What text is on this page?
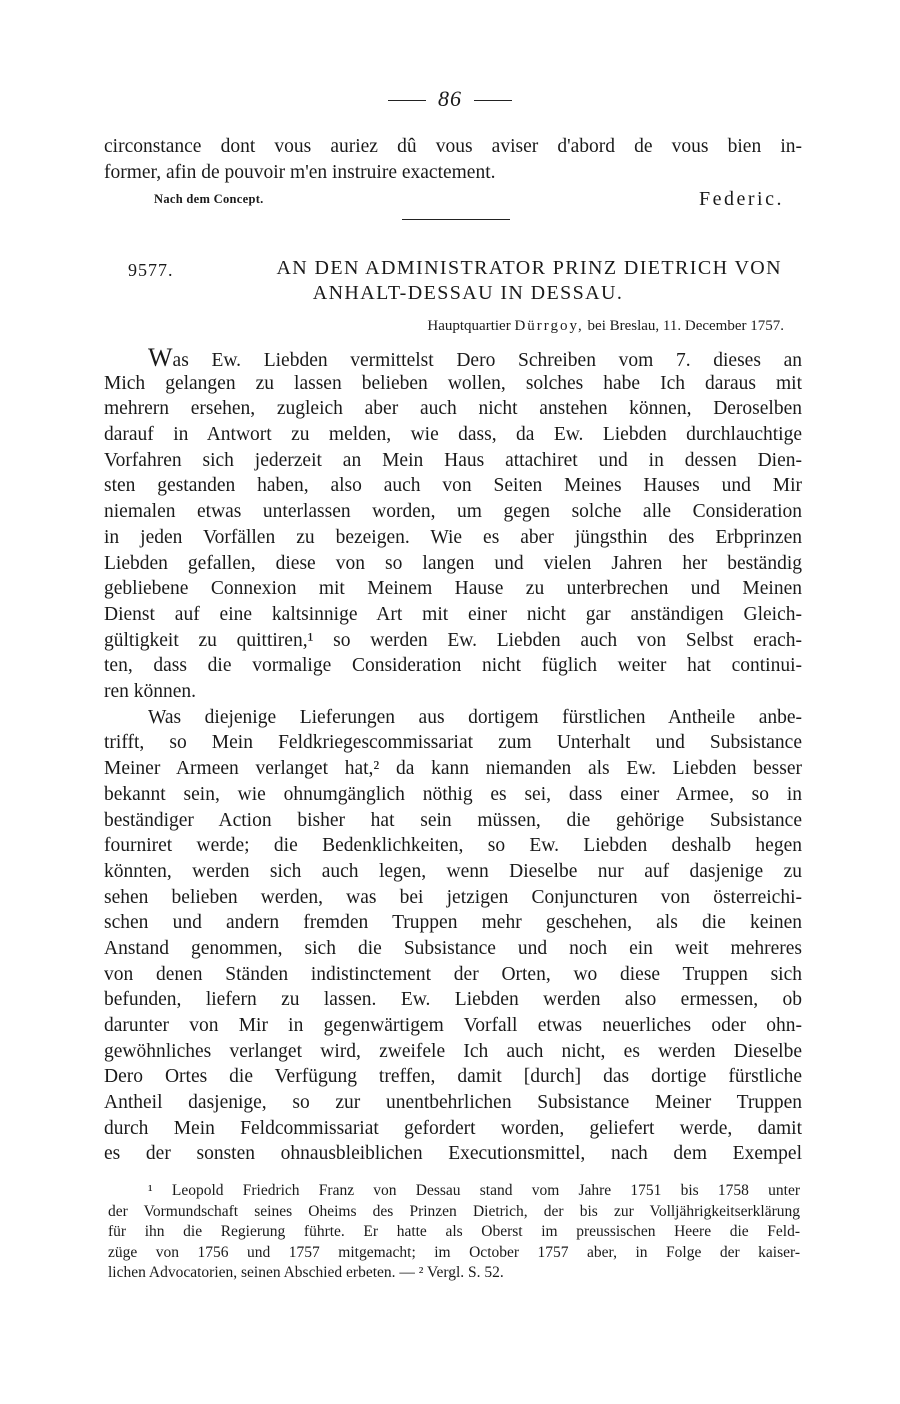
86
circonstance dont vous auriez dû vous aviser d'abord de vous bien in-
former, afin de pouvoir m'en instruire exactement.
Nach dem Concept.	Federic.
9577.	AN DEN ADMINISTRATOR PRINZ DIETRICH VON
ANHALT-DESSAU IN DESSAU.
Hauptquartier Dürrgoy, bei Breslau, 11. December 1757.
Was Ew. Liebden vermittelst Dero Schreiben vom 7. dieses an
Mich gelangen zu lassen belieben wollen, solches habe Ich daraus mit
mehrern ersehen, zugleich aber auch nicht anstehen können, Deroselben
darauf in Antwort zu melden, wie dass, da Ew. Liebden durchlauchtige
Vorfahren sich jederzeit an Mein Haus attachiret und in dessen Dien-
sten gestanden haben, also auch von Seiten Meines Hauses und Mir
niemalen etwas unterlassen worden, um gegen solche alle Consideration
in jeden Vorfällen zu bezeigen. Wie es aber jüngsthin des Erbprinzen
Liebden gefallen, diese von so langen und vielen Jahren her beständig
gebliebene Connexion mit Meinem Hause zu unterbrechen und Meinen
Dienst auf eine kaltsinnige Art mit einer nicht gar anständigen Gleich-
gültigkeit zu quittiren,¹ so werden Ew. Liebden auch von Selbst erach-
ten, dass die vormalige Consideration nicht füglich weiter hat continui-
ren können.
Was diejenige Lieferungen aus dortigem fürstlichen Antheile anbe-
trifft, so Mein Feldkriegescommissariat zum Unterhalt und Subsistance
Meiner Armeen verlanget hat,² da kann niemanden als Ew. Liebden besser
bekannt sein, wie ohnumgänglich nöthig es sei, dass einer Armee, so in
beständiger Action bisher hat sein müssen, die gehörige Subsistance
fourniret werde; die Bedenklichkeiten, so Ew. Liebden deshalb hegen
könnten, werden sich auch legen, wenn Dieselbe nur auf dasjenige zu
sehen belieben werden, was bei jetzigen Conjuncturen von österreichi-
schen und andern fremden Truppen mehr geschehen, als die keinen
Anstand genommen, sich die Subsistance und noch ein weit mehreres
von denen Ständen indistinctement der Orten, wo diese Truppen sich
befunden, liefern zu lassen. Ew. Liebden werden also ermessen, ob
darunter von Mir in gegenwärtigem Vorfall etwas neuerliches oder ohn-
gewöhnliches verlanget wird, zweifele Ich auch nicht, es werden Dieselbe
Dero Ortes die Verfügung treffen, damit [durch] das dortige fürstliche
Antheil dasjenige, so zur unentbehrlichen Subsistance Meiner Truppen
durch Mein Feldcommissariat gefordert worden, geliefert werde, damit
es der sonsten ohnausbleiblichen Executionsmittel, nach dem Exempel
¹ Leopold Friedrich Franz von Dessau stand vom Jahre 1751 bis 1758 unter
der Vormundschaft seines Oheims des Prinzen Dietrich, der bis zur Volljährigkeitserklärung
für ihn die Regierung führte. Er hatte als Oberst im preussischen Heere die Feld-
züge von 1756 und 1757 mitgemacht; im October 1757 aber, in Folge der kaiser-
lichen Advocatorien, seinen Abschied erbeten. — ² Vergl. S. 52.
